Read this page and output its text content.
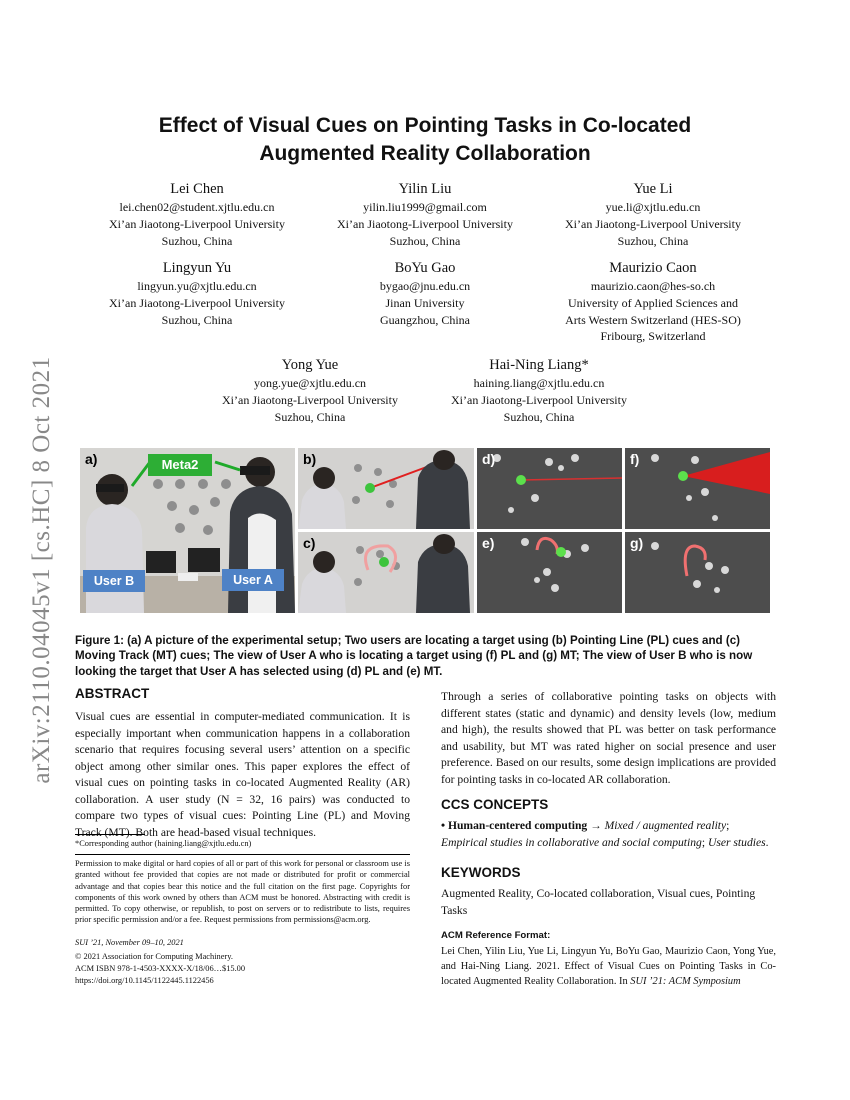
arXiv:2110.04045v1 [cs.HC] 8 Oct 2021
Effect of Visual Cues on Pointing Tasks in Co-located
Augmented Reality Collaboration
Lei Chen
lei.chen02@student.xjtlu.edu.cn
Xi’an Jiaotong-Liverpool University
Suzhou, China
Yilin Liu
yilin.liu1999@gmail.com
Xi’an Jiaotong-Liverpool University
Suzhou, China
Yue Li
yue.li@xjtlu.edu.cn
Xi’an Jiaotong-Liverpool University
Suzhou, China
Lingyun Yu
lingyun.yu@xjtlu.edu.cn
Xi’an Jiaotong-Liverpool University
Suzhou, China
BoYu Gao
bygao@jnu.edu.cn
Jinan University
Guangzhou, China
Maurizio Caon
maurizio.caon@hes-so.ch
University of Applied Sciences and
Arts Western Switzerland (HES-SO)
Fribourg, Switzerland
Yong Yue
yong.yue@xjtlu.edu.cn
Xi’an Jiaotong-Liverpool University
Suzhou, China
Hai-Ning Liang*
haining.liang@xjtlu.edu.cn
Xi’an Jiaotong-Liverpool University
Suzhou, China
a)	Meta2
User B	User A
b)
c)
d)
e)
f)
g)
Figure 1: (a) A picture of the experimental setup; Two users are locating a target using (b) Pointing Line (PL) cues and (c) Moving Track (MT) cues; The view of User A who is locating a target using (f) PL and (g) MT; The view of User B who is now looking the target that User A has selected using (d) PL and (e) MT.
ABSTRACT
Visual cues are essential in computer-mediated communication. It is especially important when communication happens in a collaboration scenario that requires focusing several users’ attention on a specific object among other similar ones. This paper explores the effect of visual cues on pointing tasks in co-located Augmented Reality (AR) collaboration. A user study (N = 32, 16 pairs) was conducted to compare two types of visual cues: Pointing Line (PL) and Moving Track (MT). Both are head-based visual techniques.
Through a series of collaborative pointing tasks on objects with different states (static and dynamic) and density levels (low, medium and high), the results showed that PL was better on task performance and usability, but MT was rated higher on social presence and user preference. Based on our results, some design implications are provided for pointing tasks in co-located AR collaboration.
*Corresponding author (haining.liang@xjtlu.edu.cn)
Permission to make digital or hard copies of all or part of this work for personal or classroom use is granted without fee provided that copies are not made or distributed for profit or commercial advantage and that copies bear this notice and the full citation on the first page. Copyrights for components of this work owned by others than ACM must be honored. Abstracting with credit is permitted. To copy otherwise, or republish, to post on servers or to redistribute to lists, requires prior specific permission and/or a fee. Request permissions from permissions@acm.org.
SUI ’21, November 09–10, 2021
© 2021 Association for Computing Machinery.
ACM ISBN 978-1-4503-XXXX-X/18/06…$15.00
https://doi.org/10.1145/1122445.1122456
CCS CONCEPTS
• Human-centered computing → Mixed / augmented reality; Empirical studies in collaborative and social computing; User studies.
KEYWORDS
Augmented Reality, Co-located collaboration, Visual cues, Pointing Tasks
ACM Reference Format:
Lei Chen, Yilin Liu, Yue Li, Lingyun Yu, BoYu Gao, Maurizio Caon, Yong Yue, and Hai-Ning Liang. 2021. Effect of Visual Cues on Pointing Tasks in Co-located Augmented Reality Collaboration. In SUI ’21: ACM Symposium
